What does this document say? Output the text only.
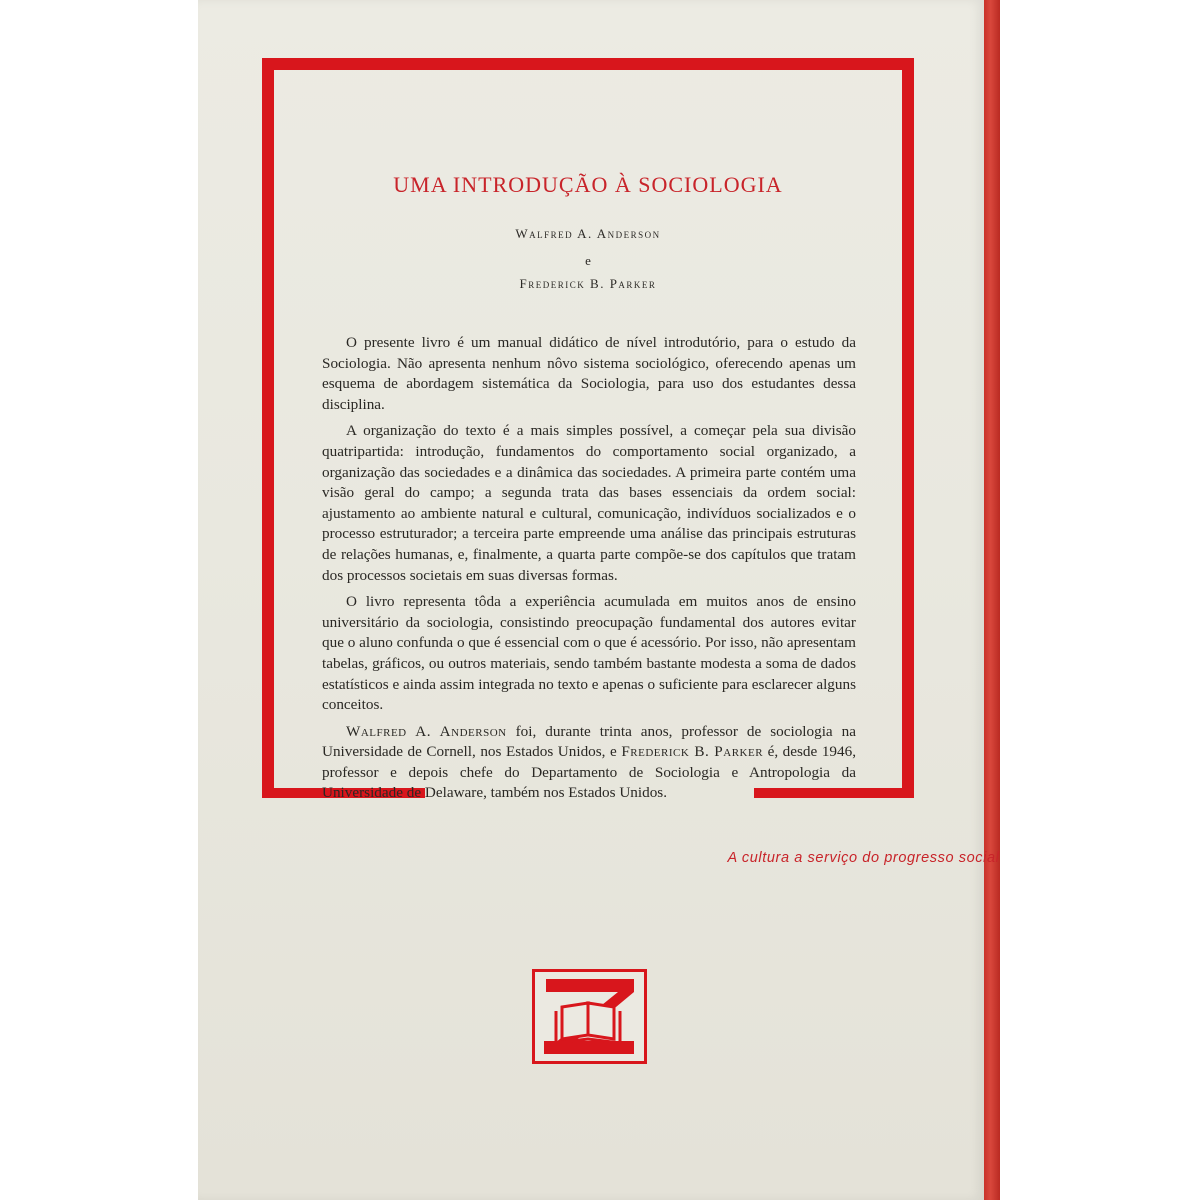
UMA INTRODUÇÃO À SOCIOLOGIA
Walfred A. Anderson
e
Frederick B. Parker

O presente livro é um manual didático de nível introdutório, para o estudo da Sociologia. Não apresenta nenhum nôvo sistema sociológico, oferecendo apenas um esquema de abordagem sistemática da Sociologia, para uso dos estudantes dessa disciplina.

A organização do texto é a mais simples possível, a começar pela sua divisão quatripartida: introdução, fundamentos do comportamento social organizado, a organização das sociedades e a dinâmica das sociedades. A primeira parte contém uma visão geral do campo; a segunda trata das bases essenciais da ordem social: ajustamento ao ambiente natural e cultural, comunicação, indivíduos socializados e o processo estruturador; a terceira parte empreende uma análise das principais estruturas de relações humanas, e, finalmente, a quarta parte compõe-se dos capítulos que tratam dos processos societais em suas diversas formas.

O livro representa tôda a experiência acumulada em muitos anos de ensino universitário da sociologia, consistindo preocupação fundamental dos autores evitar que o aluno confunda o que é essencial com o que é acessório. Por isso, não apresentam tabelas, gráficos, ou outros materiais, sendo também bastante modesta a soma de dados estatísticos e ainda assim integrada no texto e apenas o suficiente para esclarecer alguns conceitos.

Walfred A. Anderson foi, durante trinta anos, professor de sociologia na Universidade de Cornell, nos Estados Unidos, e Frederick B. Parker é, desde 1946, professor e depois chefe do Departamento de Sociologia e Antropologia da Universidade de Delaware, também nos Estados Unidos.

A cultura a serviço do progresso social
